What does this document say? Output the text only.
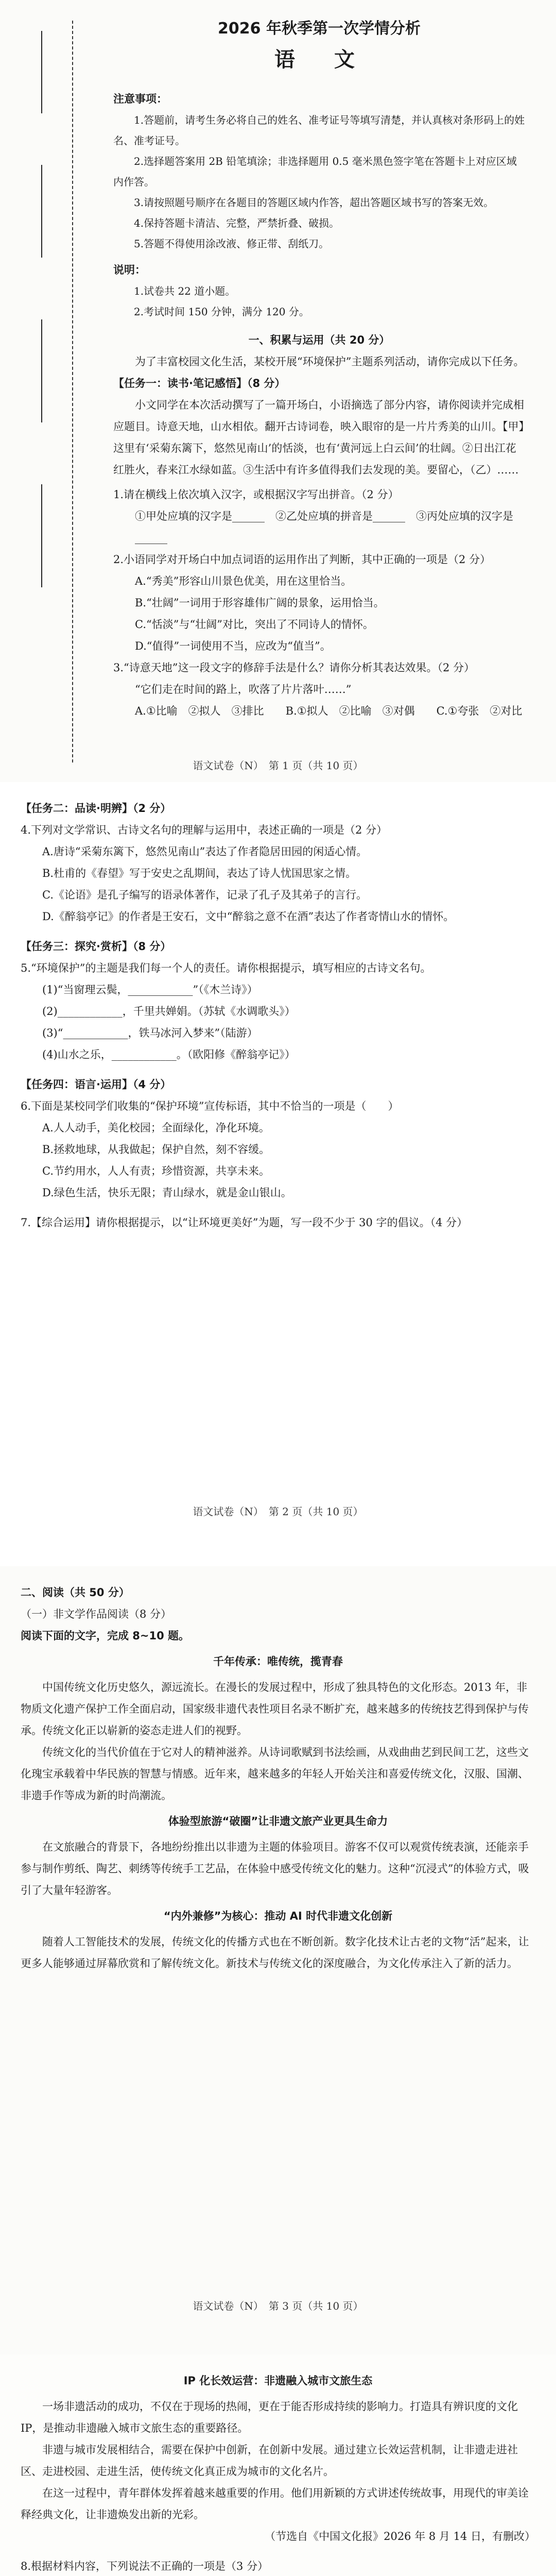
2026 年秋季第一次学情分析
语　文

注意事项：

1.答题前，请考生务必将自己的姓名、准考证号等填写清楚，并认真核对条形码上的姓名、准考证号。

2.选择题答案用 2B 铅笔填涂；非选择题用 0.5 毫米黑色签字笔在答题卡上对应区域内作答。

3.请按照题号顺序在各题目的答题区域内作答，超出答题区域书写的答案无效。

4.保持答题卡清洁、完整，严禁折叠、破损。

5.答题不得使用涂改液、修正带、刮纸刀。

说明：

1.试卷共 22 道小题。

2.考试时间 150 分钟，满分 120 分。

一、积累与运用（共 20 分）

为了丰富校园文化生活，某校开展“环境保护”主题系列活动，请你完成以下任务。

【任务一：读书·笔记感悟】（8 分）

小文同学在本次活动撰写了一篇开场白，小语摘选了部分内容，请你阅读并完成相应题目。诗意天地，山水相依。翻开古诗词卷，映入眼帘的是一片片秀美的山川。【甲】这里有‘采菊东篱下，悠然见南山’的恬淡，也有‘黄河远上白云间’的壮阔。②日出江花红胜火，春来江水绿如蓝。③生活中有许多值得我们去发现的美。要留心，（乙）……

1.请在横线上依次填入汉字，或根据汉字写出拼音。（2 分）

①甲处应填的汉字是______　②乙处应填的拼音是______　③丙处应填的汉字是______

2.小语同学对开场白中加点词语的运用作出了判断，其中正确的一项是（2 分）

A.“秀美”形容山川景色优美，用在这里恰当。

B.“壮阔”一词用于形容雄伟广阔的景象，运用恰当。

C.“恬淡”与“壮阔”对比，突出了不同诗人的情怀。

D.“值得”一词使用不当，应改为“值当”。

3.“诗意天地”这一段文字的修辞手法是什么？请你分析其表达效果。（2 分）

“它们走在时间的路上，吹落了片片落叶……”

A.①比喻　②拟人　③排比　　B.①拟人　②比喻　③对偶　　C.①夸张　②对比

语文试卷（N）　第 1 页（共 10 页）

【任务二：品读·明辨】（2 分）

4.下列对文学常识、古诗文名句的理解与运用中，表述正确的一项是（2 分）

A.唐诗“采菊东篱下，悠然见南山”表达了作者隐居田园的闲适心情。

B.杜甫的《春望》写于安史之乱期间，表达了诗人忧国思家之情。

C.《论语》是孔子编写的语录体著作，记录了孔子及其弟子的言行。

D.《醉翁亭记》的作者是王安石，文中“醉翁之意不在酒”表达了作者寄情山水的情怀。

【任务三：探究·赏析】（8 分）

5.“环境保护”的主题是我们每一个人的责任。请你根据提示，填写相应的古诗文名句。

(1)“当窗理云鬓，____________”（《木兰诗》）

(2)____________，千里共婵娟。（苏轼《水调歌头》）

(3)“____________，铁马冰河入梦来”（陆游）

(4)山水之乐，____________。（欧阳修《醉翁亭记》）

【任务四：语言·运用】（4 分）

6.下面是某校同学们收集的“保护环境”宣传标语，其中不恰当的一项是（　　）

A.人人动手，美化校园；全面绿化，净化环境。

B.拯救地球，从我做起；保护自然，刻不容缓。

C.节约用水，人人有责；珍惜资源，共享未来。

D.绿色生活，快乐无限；青山绿水，就是金山银山。

7.【综合运用】请你根据提示，以“让环境更美好”为题，写一段不少于 30 字的倡议。（4 分）

语文试卷（N）　第 2 页（共 10 页）

二、阅读（共 50 分）

（一）非文学作品阅读（8 分）

阅读下面的文字，完成 8~10 题。

千年传承：唯传统，揽青春

中国传统文化历史悠久，源远流长。在漫长的发展过程中，形成了独具特色的文化形态。2013 年，非物质文化遗产保护工作全面启动，国家级非遗代表性项目名录不断扩充，越来越多的传统技艺得到保护与传承。传统文化正以崭新的姿态走进人们的视野。

传统文化的当代价值在于它对人的精神滋养。从诗词歌赋到书法绘画，从戏曲曲艺到民间工艺，这些文化瑰宝承载着中华民族的智慧与情感。近年来，越来越多的年轻人开始关注和喜爱传统文化，汉服、国潮、非遗手作等成为新的时尚潮流。

体验型旅游“破圈”让非遗文旅产业更具生命力

在文旅融合的背景下，各地纷纷推出以非遗为主题的体验项目。游客不仅可以观赏传统表演，还能亲手参与制作剪纸、陶艺、刺绣等传统手工艺品，在体验中感受传统文化的魅力。这种“沉浸式”的体验方式，吸引了大量年轻游客。

“内外兼修”为核心：推动 AI 时代非遗文化创新

随着人工智能技术的发展，传统文化的传播方式也在不断创新。数字化技术让古老的文物“活”起来，让更多人能够通过屏幕欣赏和了解传统文化。新技术与传统文化的深度融合，为文化传承注入了新的活力。

语文试卷（N）　第 3 页（共 10 页）

IP 化长效运营：非遗融入城市文旅生态

一场非遗活动的成功，不仅在于现场的热闹，更在于能否形成持续的影响力。打造具有辨识度的文化 IP，是推动非遗融入城市文旅生态的重要路径。

非遗与城市发展相结合，需要在保护中创新，在创新中发展。通过建立长效运营机制，让非遗走进社区、走进校园、走进生活，使传统文化真正成为城市的文化名片。

在这一过程中，青年群体发挥着越来越重要的作用。他们用新颖的方式讲述传统故事，用现代的审美诠释经典文化，让非遗焕发出新的光彩。

（节选自《中国文化报》2026 年 8 月 14 日，有删改）

8.根据材料内容，下列说法不正确的一项是（3 分）
